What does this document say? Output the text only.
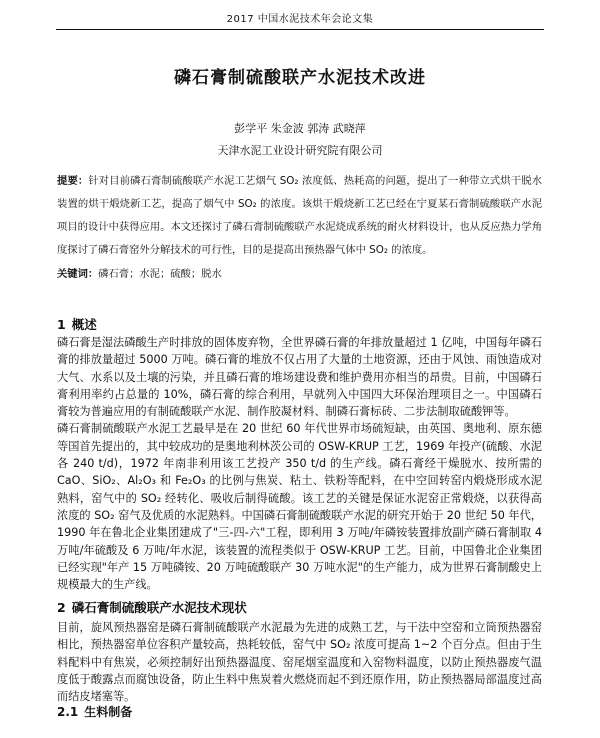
2017 中国水泥技术年会论文集
磷石膏制硫酸联产水泥技术改进
彭学平 朱金波 郭涛 武晓萍
天津水泥工业设计研究院有限公司

提要：针对目前磷石膏制硫酸联产水泥工艺烟气 SO₂ 浓度低、热耗高的问题，提出了一种带立式烘干脱水装置的烘干煅烧新工艺，提高了烟气中 SO₂ 的浓度。该烘干煅烧新工艺已经在宁夏某石膏制硫酸联产水泥项目的设计中获得应用。本文还探讨了磷石膏制硫酸联产水泥烧成系统的耐火材料设计，也从反应热力学角度探讨了磷石膏窑外分解技术的可行性，目的是提高出预热器气体中 SO₂ 的浓度。

关键词：磷石膏；水泥；硫酸；脱水

1 概述

磷石膏是湿法磷酸生产时排放的固体废弃物，全世界磷石膏的年排放量超过 1 亿吨，中国每年磷石膏的排放量超过 5000 万吨。磷石膏的堆放不仅占用了大量的土地资源，还由于风蚀、雨蚀造成对大气、水系以及土壤的污染，并且磷石膏的堆场建设费和维护费用亦相当的昂贵。目前，中国磷石膏利用率约占总量的 10%，磷石膏的综合利用，早就列入中国四大环保治理项目之一。中国磷石膏较为普遍应用的有制硫酸联产水泥、制作胶凝材料、制磷石膏标砖、二步法制取硫酸钾等。

磷石膏制硫酸联产水泥工艺最早是在 20 世纪 60 年代世界市场硫短缺，由英国、奥地利、原东德等国首先提出的，其中较成功的是奥地利林茨公司的 OSW-KRUP 工艺，1969 年投产(硫酸、水泥各 240 t/d)，1972 年南非利用该工艺投产 350 t/d 的生产线。磷石膏经干燥脱水、按所需的 CaO、SiO₂、Al₂O₃ 和 Fe₂O₃ 的比例与焦炭、粘土、铁粉等配料，在中空回转窑内煅烧形成水泥熟料，窑气中的 SO₂ 经转化、吸收后制得硫酸。该工艺的关键是保证水泥窑正常煅烧，以获得高浓度的 SO₂ 窑气及优质的水泥熟料。中国磷石膏制硫酸联产水泥的研究开始于 20 世纪 50 年代，1990 年在鲁北企业集团建成了"三-四-六"工程，即利用 3 万吨/年磷铵装置排放副产磷石膏制取 4 万吨/年硫酸及 6 万吨/年水泥，该装置的流程类似于 OSW-KRUP 工艺。目前，中国鲁北企业集团已经实现"年产 15 万吨磷铵、20 万吨硫酸联产 30 万吨水泥"的生产能力，成为世界石膏制酸史上规模最大的生产线。

2 磷石膏制硫酸联产水泥技术现状

目前，旋风预热器窑是磷石膏制硫酸联产水泥最为先进的成熟工艺，与干法中空窑和立筒预热器窑相比，预热器窑单位容积产量较高，热耗较低，窑气中 SO₂ 浓度可提高 1~2 个百分点。但由于生料配料中有焦炭，必须控制好出预热器温度、窑尾烟室温度和入窑物料温度，以防止预热器废气温度低于酸露点而腐蚀设备，防止生料中焦炭着火燃烧而起不到还原作用，防止预热器局部温度过高而结皮堵塞等。

2.1 生料制备
